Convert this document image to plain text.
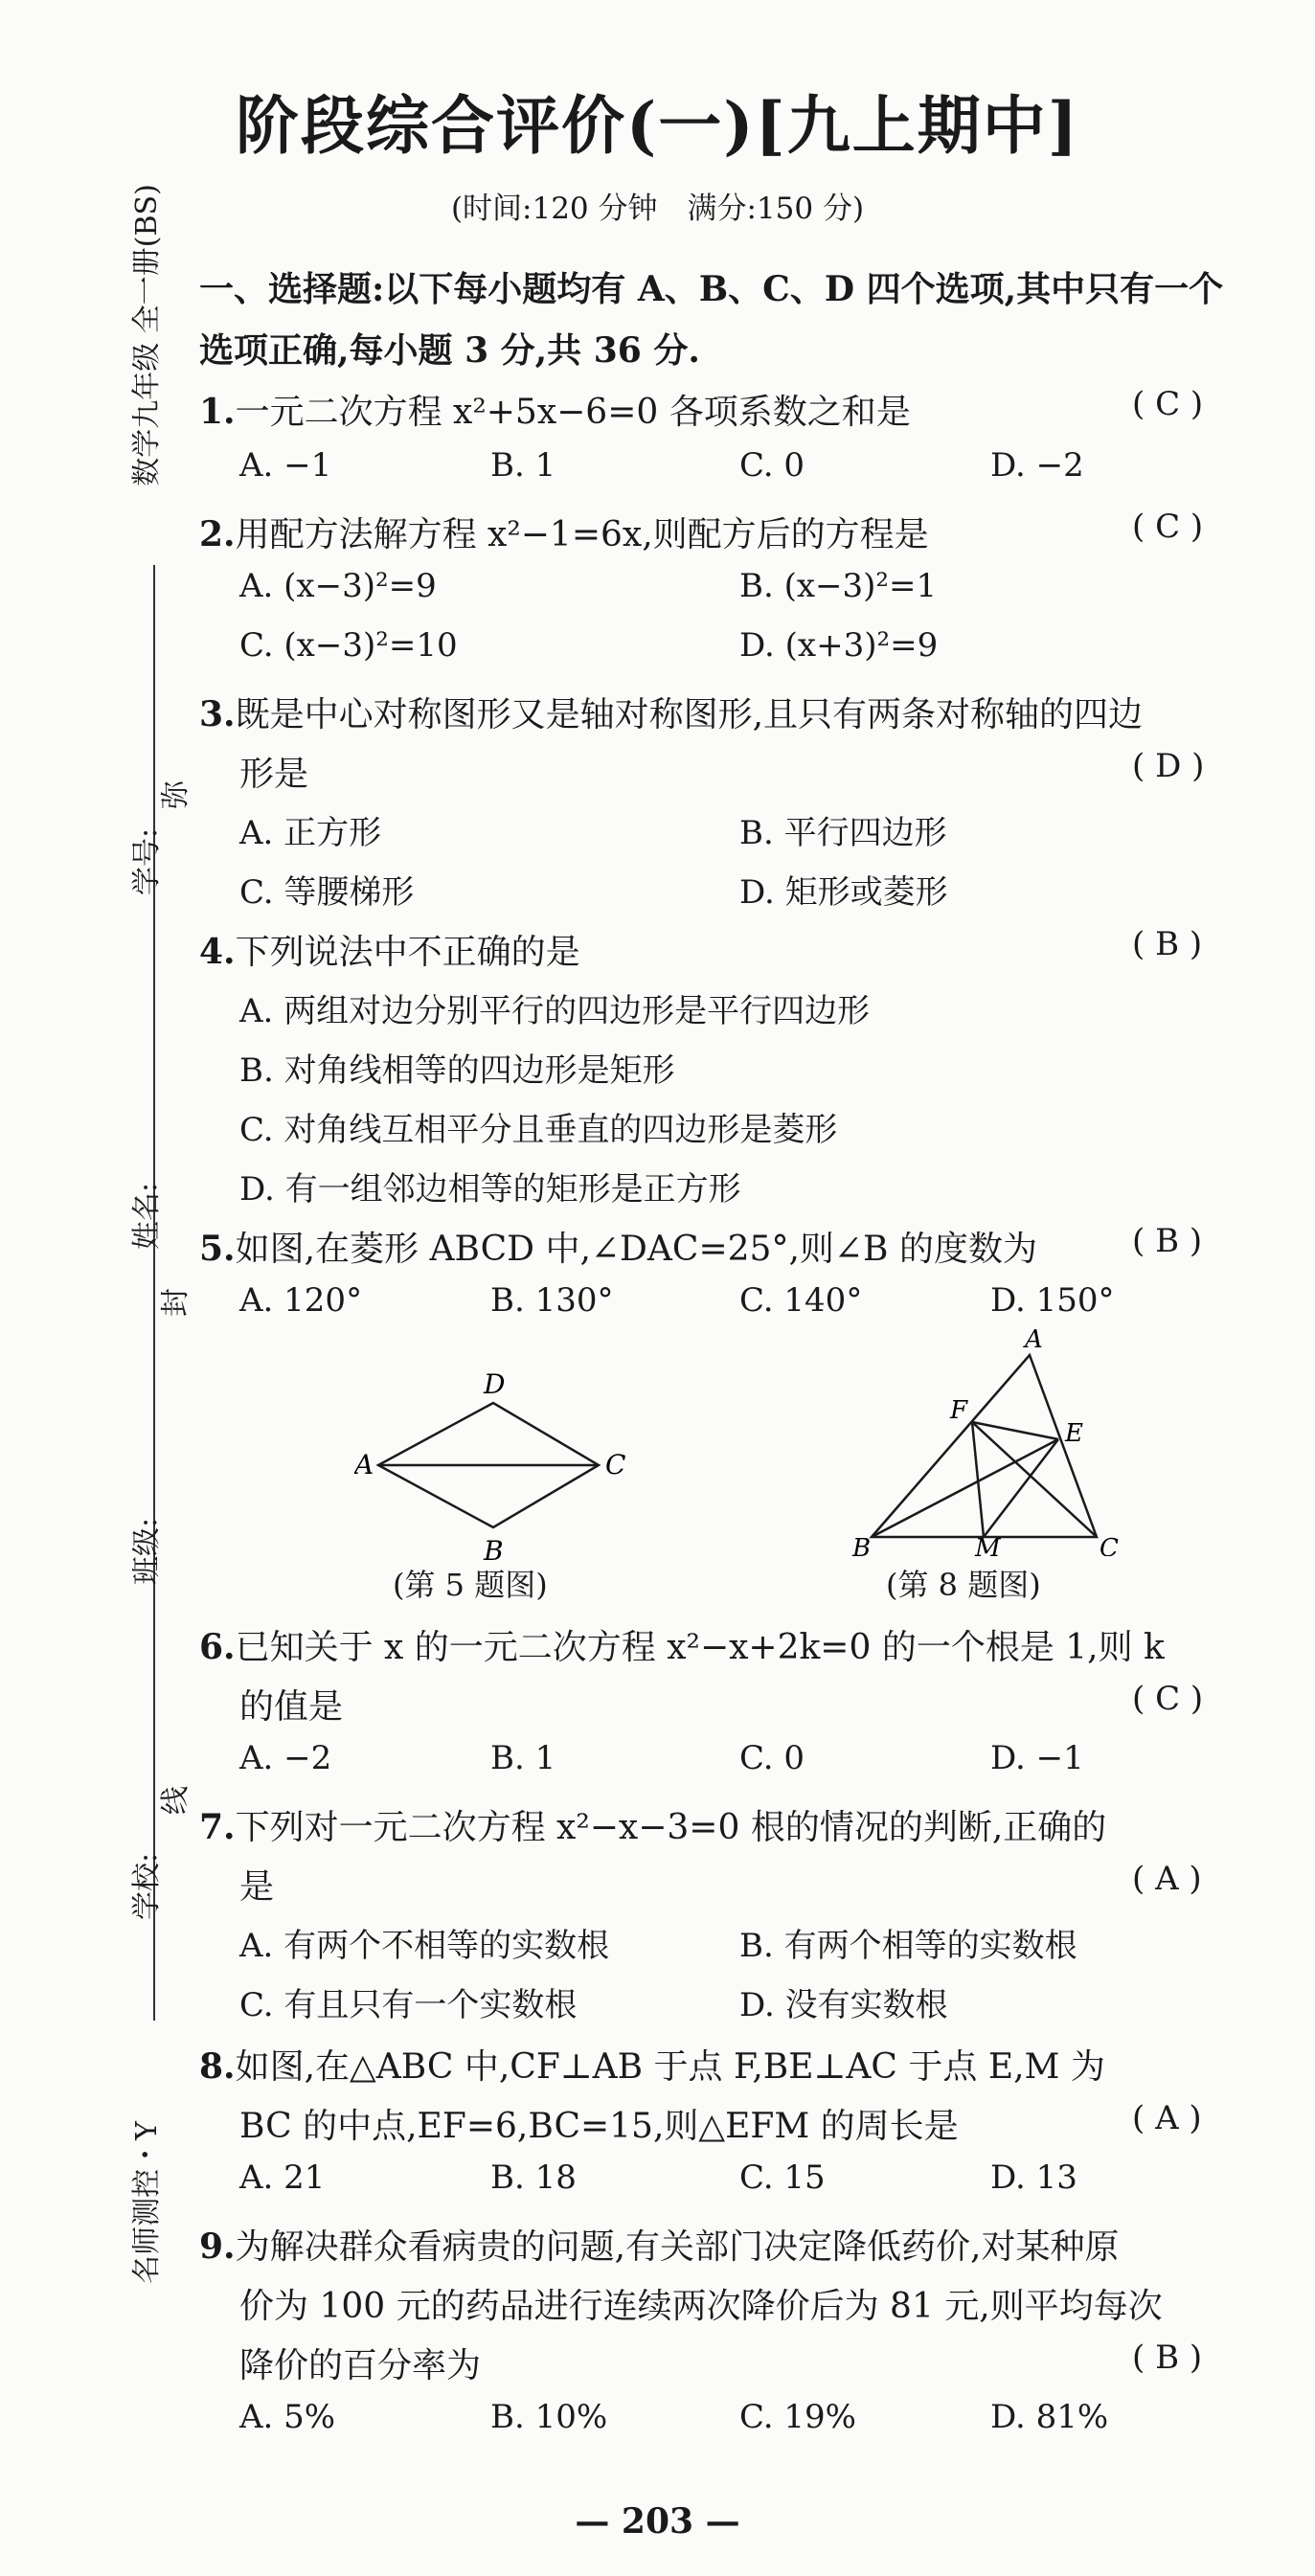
数学九年级 全一册(BS)
学号:
弥
姓名:
封
班级:
学校:
线
名师测控・Y
阶段综合评价(一)[九上期中]
(时间:120 分钟　满分:150 分)
一、选择题:以下每小题均有 A、B、C、D 四个选项,其中只有一个
选项正确,每小题 3 分,共 36 分.
1.一元二次方程 x²+5x−6=0 各项系数之和是	( C )
A. −1	B. 1	C. 0	D. −2
2.用配方法解方程 x²−1=6x,则配方后的方程是	( C )
A. (x−3)²=9	B. (x−3)²=1
C. (x−3)²=10	D. (x+3)²=9
3.既是中心对称图形又是轴对称图形,且只有两条对称轴的四边
形是	( D )
A. 正方形	B. 平行四边形
C. 等腰梯形	D. 矩形或菱形
4.下列说法中不正确的是	( B )
A. 两组对边分别平行的四边形是平行四边形
B. 对角线相等的四边形是矩形
C. 对角线互相平分且垂直的四边形是菱形
D. 有一组邻边相等的矩形是正方形
5.如图,在菱形 ABCD 中,∠DAC=25°,则∠B 的度数为	( B )
A. 120°	B. 130°	C. 140°	D. 150°
A	C
D
B
(第 5 题图)
A
F
E
B	M	C
(第 8 题图)
6.已知关于 x 的一元二次方程 x²−x+2k=0 的一个根是 1,则 k
的值是	( C )
A. −2	B. 1	C. 0	D. −1
7.下列对一元二次方程 x²−x−3=0 根的情况的判断,正确的
是	( A )
A. 有两个不相等的实数根	B. 有两个相等的实数根
C. 有且只有一个实数根	D. 没有实数根
8.如图,在△ABC 中,CF⊥AB 于点 F,BE⊥AC 于点 E,M 为
BC 的中点,EF=6,BC=15,则△EFM 的周长是	( A )
A. 21	B. 18	C. 15	D. 13
9.为解决群众看病贵的问题,有关部门决定降低药价,对某种原
价为 100 元的药品进行连续两次降价后为 81 元,则平均每次
降价的百分率为	( B )
A. 5%	B. 10%	C. 19%	D. 81%
— 203 —
